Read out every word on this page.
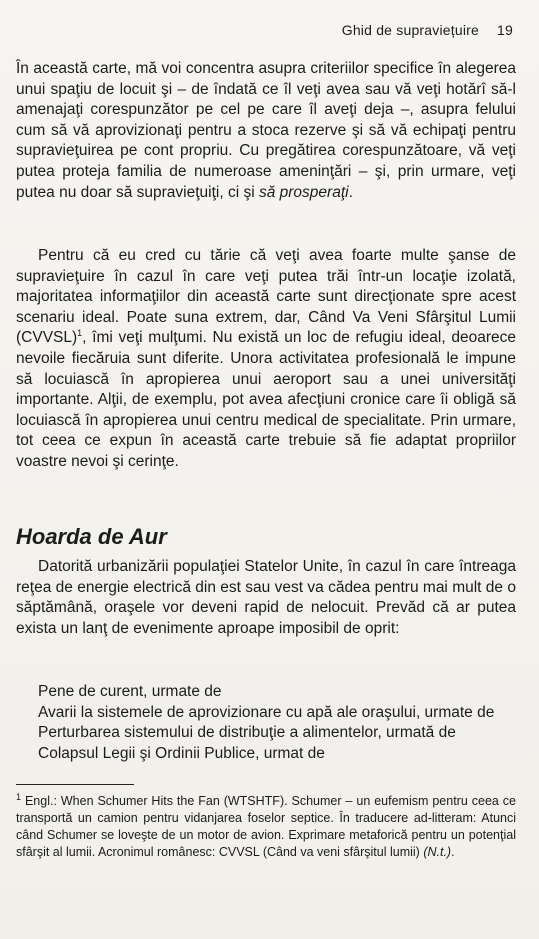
Ghid de supraviețuire 19

În această carte, mă voi concentra asupra criteriilor specifice în alegerea unui spaţiu de locuit şi – de îndată ce îl veţi avea sau vă veţi hotărî să-l amenajaţi corespunzător pe cel pe care îl aveţi deja –, asupra felului cum să vă aprovizionaţi pentru a stoca rezerve şi să vă echipaţi pentru supravieţuirea pe cont propriu. Cu pregătirea corespunzătoare, vă veţi putea proteja familia de numeroase ameninţări – şi, prin urmare, veţi putea nu doar să supravieţuiţi, ci şi să prosperaţi.

Pentru că eu cred cu tărie că veţi avea foarte multe şanse de supravieţuire în cazul în care veţi putea trăi într-un locaţie izolată, majoritatea informaţiilor din această carte sunt direcţionate spre acest scenariu ideal. Poate suna extrem, dar, Când Va Veni Sfârşitul Lumii (CVVSL)$^1$, îmi veţi mulţumi. Nu există un loc de refugiu ideal, deoarece nevoile fiecăruia sunt diferite. Unora activitatea profesională le impune să locuiască în apropierea unui aeroport sau a unei universităţi importante. Alţii, de exemplu, pot avea afecţiuni cronice care îi obligă să locuiască în apropierea unui centru medical de specialitate. Prin urmare, tot ceea ce expun în această carte trebuie să fie adaptat propriilor voastre nevoi şi cerinţe.

Hoarda de Aur

Datorită urbanizării populaţiei Statelor Unite, în cazul în care întreaga reţea de energie electrică din est sau vest va cădea pentru mai mult de o săptămână, oraşele vor deveni rapid de nelocuit. Prevăd că ar putea exista un lanţ de evenimente aproape imposibil de oprit:

Pene de curent, urmate de
Avarii la sistemele de aprovizionare cu apă ale oraşului, urmate de
Perturbarea sistemului de distribuţie a alimentelor, urmată de
Colapsul Legii şi Ordinii Publice, urmat de

$^1$ Engl.: When Schumer Hits the Fan (WTSHTF). Schumer – un eufemism pentru ceea ce transportă un camion pentru vidanjarea foselor septice. În traducere ad-litteram: Atunci când Schumer se loveşte de un motor de avion. Exprimare metaforică pentru un potenţial sfârşit al lumii. Acronimul românesc: CVVSL (Când va veni sfârşitul lumii) (N.t.).
